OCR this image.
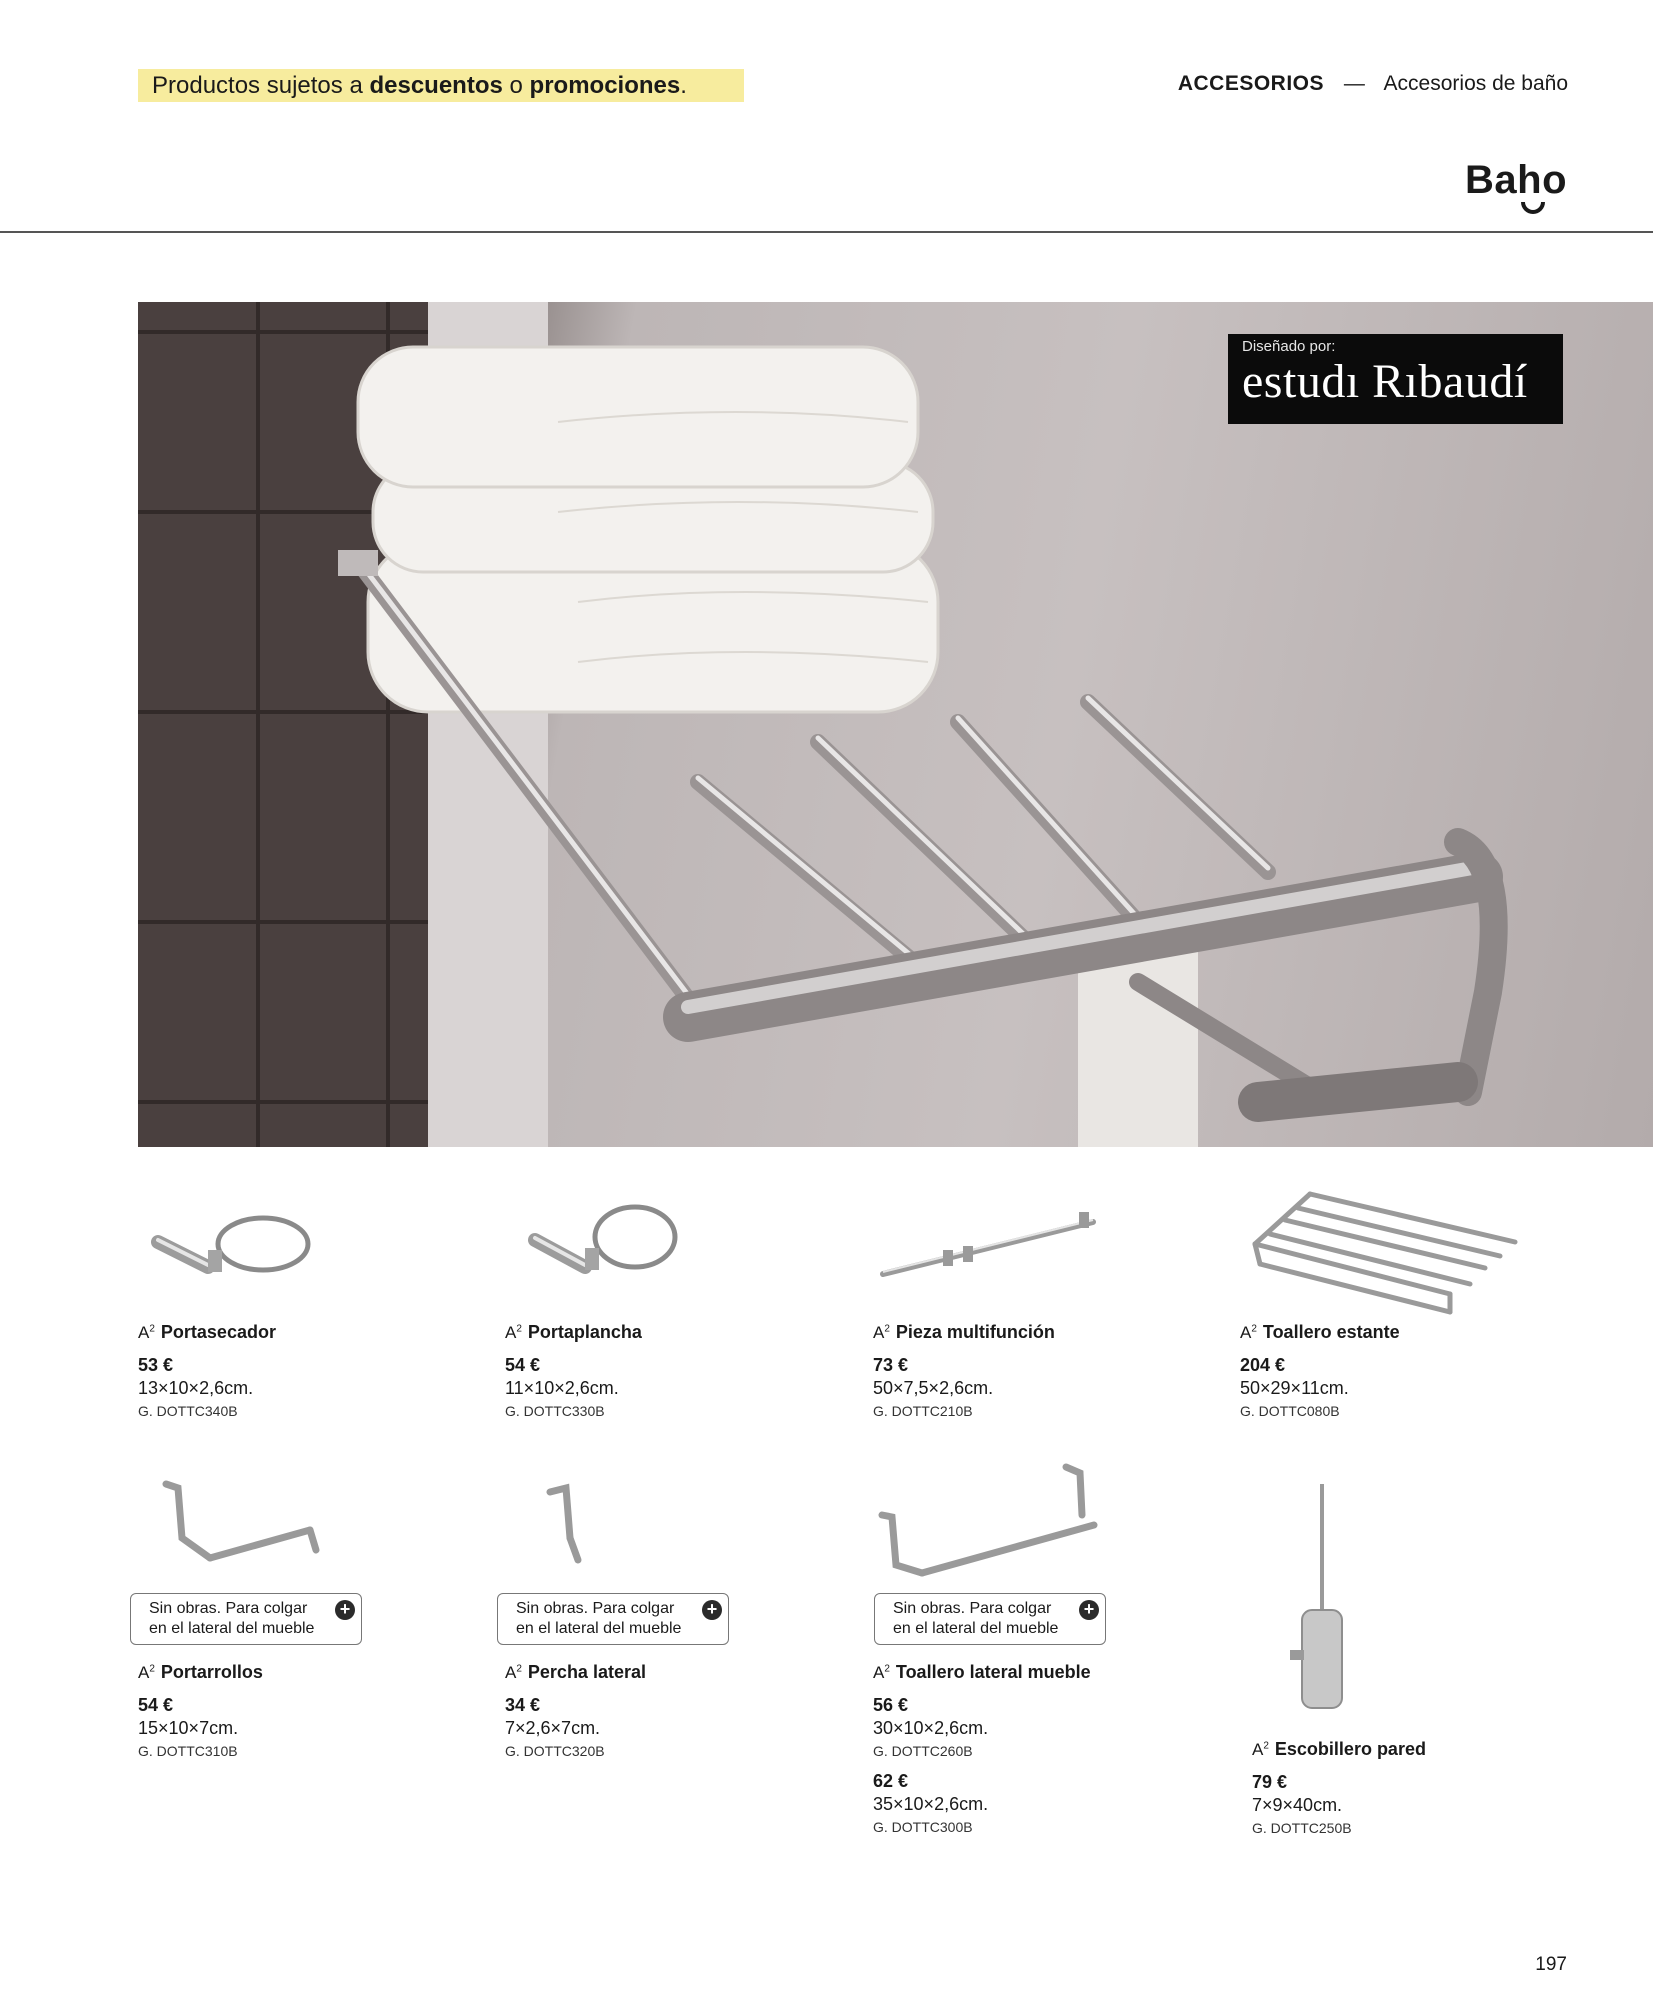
Productos sujetos a descuentos o promociones.	ACCESORIOS — Accesorios de baño
Baho
Diseñado por:
estudı Rıbaudí
$A^2$ Portasecador
53 €
13×10×2,6cm.
G. DOTTC340B
$A^2$ Portaplancha
54 €
11×10×2,6cm.
G. DOTTC330B
$A^2$ Pieza multifunción
73 €
50×7,5×2,6cm.
G. DOTTC210B
$A^2$ Toallero estante
204 €
50×29×11cm.
G. DOTTC080B
Sin obras. Para colgar
en el lateral del mueble
+	Sin obras. Para colgar
en el lateral del mueble
+	Sin obras. Para colgar
en el lateral del mueble
+
$A^2$ Portarrollos
54 €
15×10×7cm.
G. DOTTC310B
$A^2$ Percha lateral
34 €
7×2,6×7cm.
G. DOTTC320B
$A^2$ Toallero lateral mueble
56 €
30×10×2,6cm.
G. DOTTC260B
62 €
35×10×2,6cm.
G. DOTTC300B
$A^2$ Escobillero pared
79 €
7×9×40cm.
G. DOTTC250B
197
